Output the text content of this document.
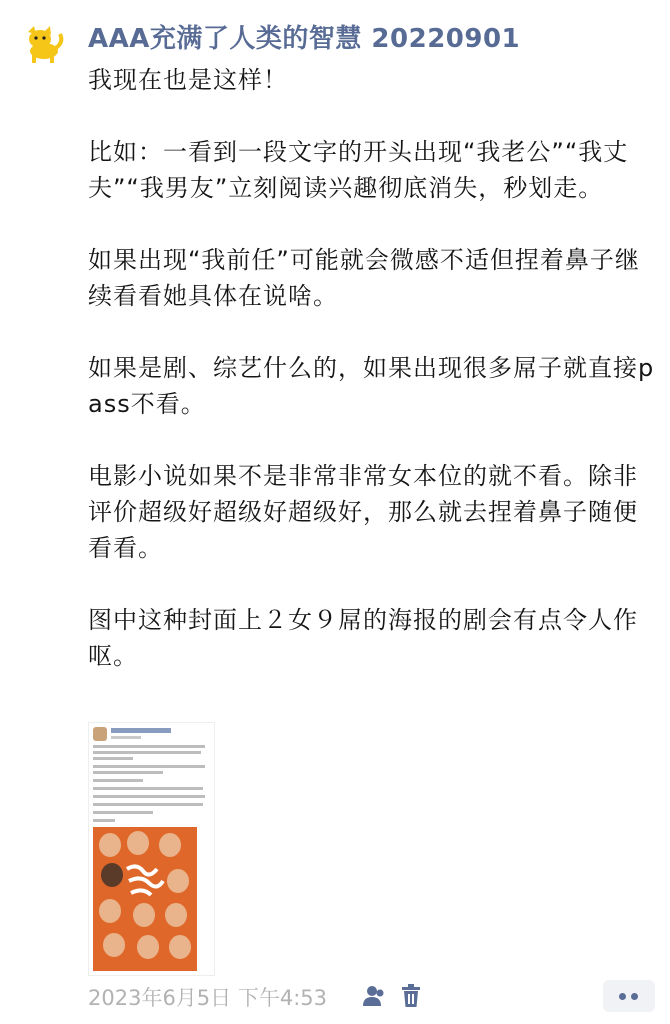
AAA充满了人类的智慧 20220901

我现在也是这样！

比如：一看到一段文字的开头出现“我老公”“我丈夫”“我男友”立刻阅读兴趣彻底消失，秒划走。

如果出现“我前任”可能就会微感不适但捏着鼻子继续看看她具体在说啥。

如果是剧、综艺什么的，如果出现很多屌子就直接pass不看。

电影小说如果不是非常非常女本位的就不看。除非评价超级好超级好超级好，那么就去捏着鼻子随便看看。

图中这种封面上２女９屌的海报的剧会有点令人作呕。

2023年6月5日 下午4:53
